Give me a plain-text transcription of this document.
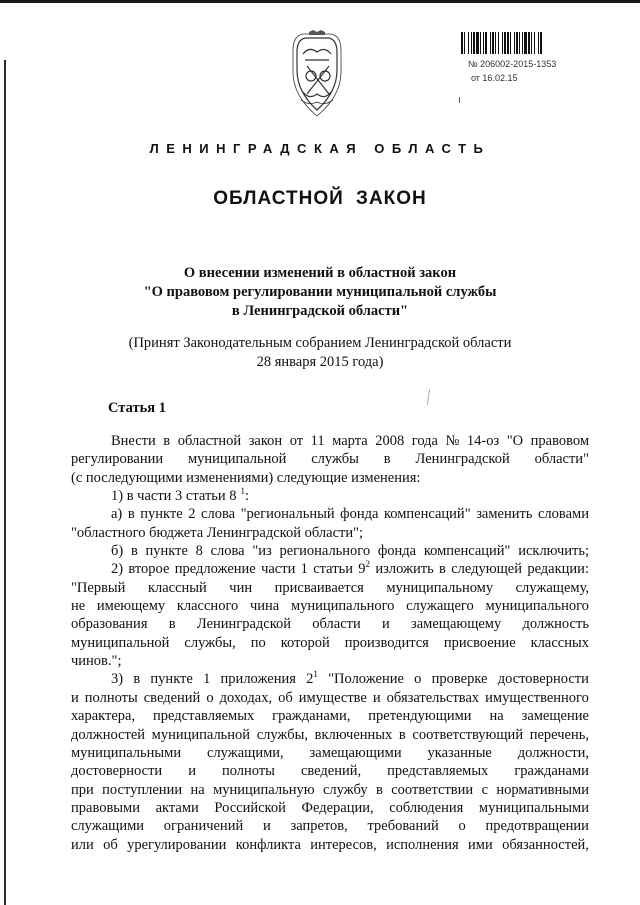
№ 206002-2015-1353
от 16.02.15
ЛЕНИНГРАДСКАЯ ОБЛАСТЬ
ОБЛАСТНОЙ ЗАКОН
О внесении изменений в областной закон
"О правовом регулировании муниципальной службы
в Ленинградской области"
(Принят Законодательным собранием Ленинградской области
28 января 2015 года)
Статья 1
Внести в областной закон от 11 марта 2008 года № 14-оз "О правовом
регулировании муниципальной службы в Ленинградской области"
(с последующими изменениями) следующие изменения:
1) в части 3 статьи 8 $^1$:
а) в пункте 2 слова "региональный фонда компенсаций" заменить словами
"областного бюджета Ленинградской области";
б) в пункте 8 слова "из регионального фонда компенсаций" исключить;
2) второе предложение части 1 статьи $9^2$ изложить в следующей редакции:
"Первый классный чин присваивается муниципальному служащему,
не имеющему классного чина муниципального служащего муниципального
образования в Ленинградской области и замещающему должность
муниципальной службы, по которой производится присвоение классных
чинов.";
3) в пункте 1 приложения $2^1$ "Положение о проверке достоверности
и полноты сведений о доходах, об имуществе и обязательствах имущественного
характера, представляемых гражданами, претендующими на замещение
должностей муниципальной службы, включенных в соответствующий перечень,
муниципальными служащими, замещающими указанные должности,
достоверности и полноты сведений, представляемых гражданами
при поступлении на муниципальную службу в соответствии с нормативными
правовыми актами Российской Федерации, соблюдения муниципальными
служащими ограничений и запретов, требований о предотвращении
или об урегулировании конфликта интересов, исполнения ими обязанностей,
